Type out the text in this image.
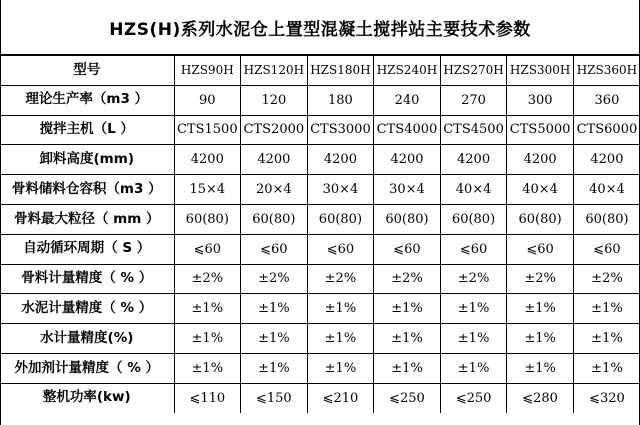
HZS(H)系列水泥仓上置型混凝土搅拌站主要技术参数
型号	HZS90H	HZS120H	HZS180H	HZS240H	HZS270H	HZS300H	HZS360H
理论生产率（m3 ）	90	120	180	240	270	300	360
搅拌主机（L ）	CTS1500	CTS2000	CTS3000	CTS4000	CTS4500	CTS5000	CTS6000
卸料高度(mm)	4200	4200	4200	4200	4200	4200	4200
骨料储料仓容积（m3 ）	15×4	20×4	30×4	30×4	40×4	40×4	40×4
骨料最大粒径（ mm ）	60(80)	60(80)	60(80)	60(80)	60(80)	60(80)	60(80)
自动循环周期（ S ）	⩽60	⩽60	⩽60	⩽60	⩽60	⩽60	⩽60
骨料计量精度（ % ）	±2%	±2%	±2%	±2%	±2%	±2%	±2%
水泥计量精度（ % ）	±1%	±1%	±1%	±1%	±1%	±1%	±1%
水计量精度(%)	±1%	±1%	±1%	±1%	±1%	±1%	±1%
外加剂计量精度（ % ）	±1%	±1%	±1%	±1%	±1%	±1%	±1%
整机功率(kw)	⩽110	⩽150	⩽210	⩽250	⩽250	⩽280	⩽320
